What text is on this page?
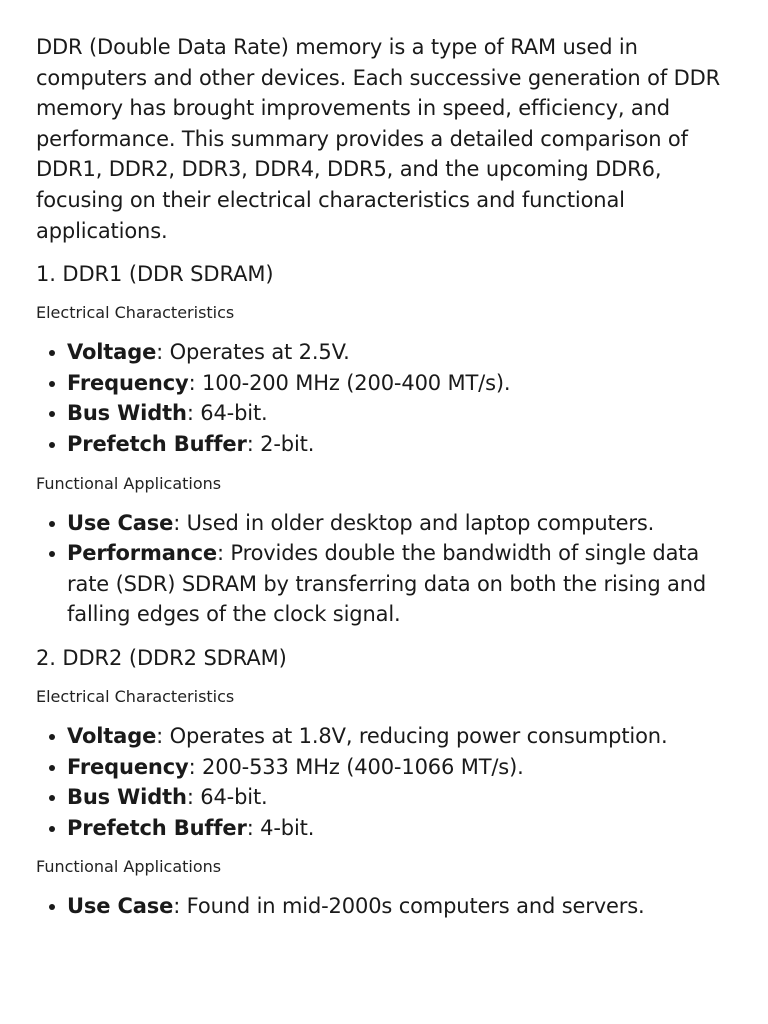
DDR (Double Data Rate) memory is a type of RAM used in computers and other devices. Each successive generation of DDR memory has brought improvements in speed, efficiency, and performance. This summary provides a detailed comparison of DDR1, DDR2, DDR3, DDR4, DDR5, and the upcoming DDR6, focusing on their electrical characteristics and functional applications.

1. DDR1 (DDR SDRAM)
Electrical Characteristics
Voltage: Operates at 2.5V.
Frequency: 100-200 MHz (200-400 MT/s).
Bus Width: 64-bit.
Prefetch Buffer: 2-bit.
Functional Applications
Use Case: Used in older desktop and laptop computers.
Performance: Provides double the bandwidth of single data rate (SDR) SDRAM by transferring data on both the rising and falling edges of the clock signal.
2. DDR2 (DDR2 SDRAM)
Electrical Characteristics
Voltage: Operates at 1.8V, reducing power consumption.
Frequency: 200-533 MHz (400-1066 MT/s).
Bus Width: 64-bit.
Prefetch Buffer: 4-bit.
Functional Applications
Use Case: Found in mid-2000s computers and servers.
